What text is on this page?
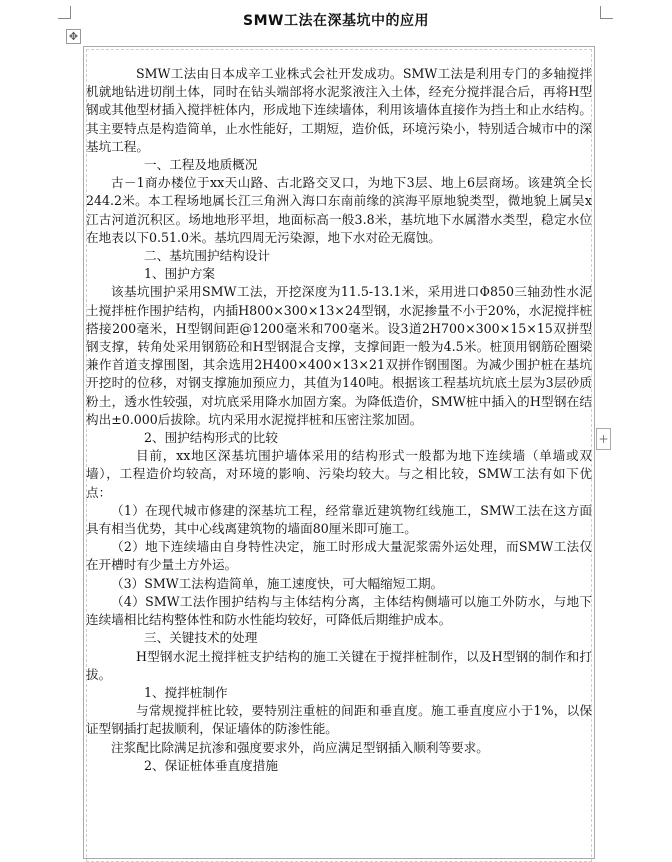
SMW工法在深基坑中的应用
✥
+

SMW工法由日本成辛工业株式会社开发成功。SMW工法是利用专门的多轴搅拌机就地钻进切削土体，同时在钻头端部将水泥浆液注入土体，经充分搅拌混合后，再将H型钢或其他型材插入搅拌桩体内，形成地下连续墙体，利用该墙体直接作为挡土和止水结构。其主要特点是构造简单，止水性能好，工期短，造价低，环境污染小，特别适合城市中的深基坑工程。

一、工程及地质概况

古－1商办楼位于xx天山路、古北路交叉口，为地下3层、地上6层商场。该建筑全长244.2米。本工程场地属长江三角洲入海口东南前缘的滨海平原地貌类型，微地貌上属吴x江古河道沉积区。场地地形平坦，地面标高一般3.8米，基坑地下水属潜水类型，稳定水位在地表以下0.51.0米。基坑四周无污染源，地下水对砼无腐蚀。

二、基坑围护结构设计

1、围护方案

该基坑围护采用SMW工法，开挖深度为11.5-13.1米，采用进口Φ850三轴劲性水泥土搅拌桩作围护结构，内插H800×300×13×24型钢，水泥掺量不小于20%，水泥搅拌桩搭接200毫米，H型钢间距@1200毫米和700毫米。设3道2H700×300×15×15双拼型钢支撑，转角处采用钢筋砼和H型钢混合支撑，支撑间距一般为4.5米。桩顶用钢筋砼圈梁兼作首道支撑围图，其余选用2H400×400×13×21双拼作钢围图。为减少围护桩在基坑开挖时的位移，对钢支撑施加预应力，其值为140吨。根据该工程基坑坑底土层为3层砂质粉土，透水性较强，对坑底采用降水加固方案。为降低造价，SMW桩中插入的H型钢在结构出±0.000后拔除。坑内采用水泥搅拌桩和压密注浆加固。

2、围护结构形式的比较

目前，xx地区深基坑围护墙体采用的结构形式一般都为地下连续墙（单墙或双墙），工程造价均较高，对环境的影响、污染均较大。与之相比较，SMW工法有如下优点：

（1）在现代城市修建的深基坑工程，经常靠近建筑物红线施工，SMW工法在这方面具有相当优势，其中心线离建筑物的墙面80厘米即可施工。

（2）地下连续墙由自身特性决定，施工时形成大量泥浆需外运处理，而SMW工法仅在开槽时有少量土方外运。

（3）SMW工法构造简单，施工速度快，可大幅缩短工期。

（4）SMW工法作围护结构与主体结构分离，主体结构侧墙可以施工外防水，与地下连续墙相比结构整体性和防水性能均较好，可降低后期维护成本。

三、关键技术的处理

H型钢水泥土搅拌桩支护结构的施工关键在于搅拌桩制作，以及H型钢的制作和打拔。

1、搅拌桩制作

与常规搅拌桩比较，要特别注重桩的间距和垂直度。施工垂直度应小于1%，以保证型钢插打起拔顺利，保证墙体的防渗性能。

注浆配比除满足抗渗和强度要求外，尚应满足型钢插入顺利等要求。

2、保证桩体垂直度措施
